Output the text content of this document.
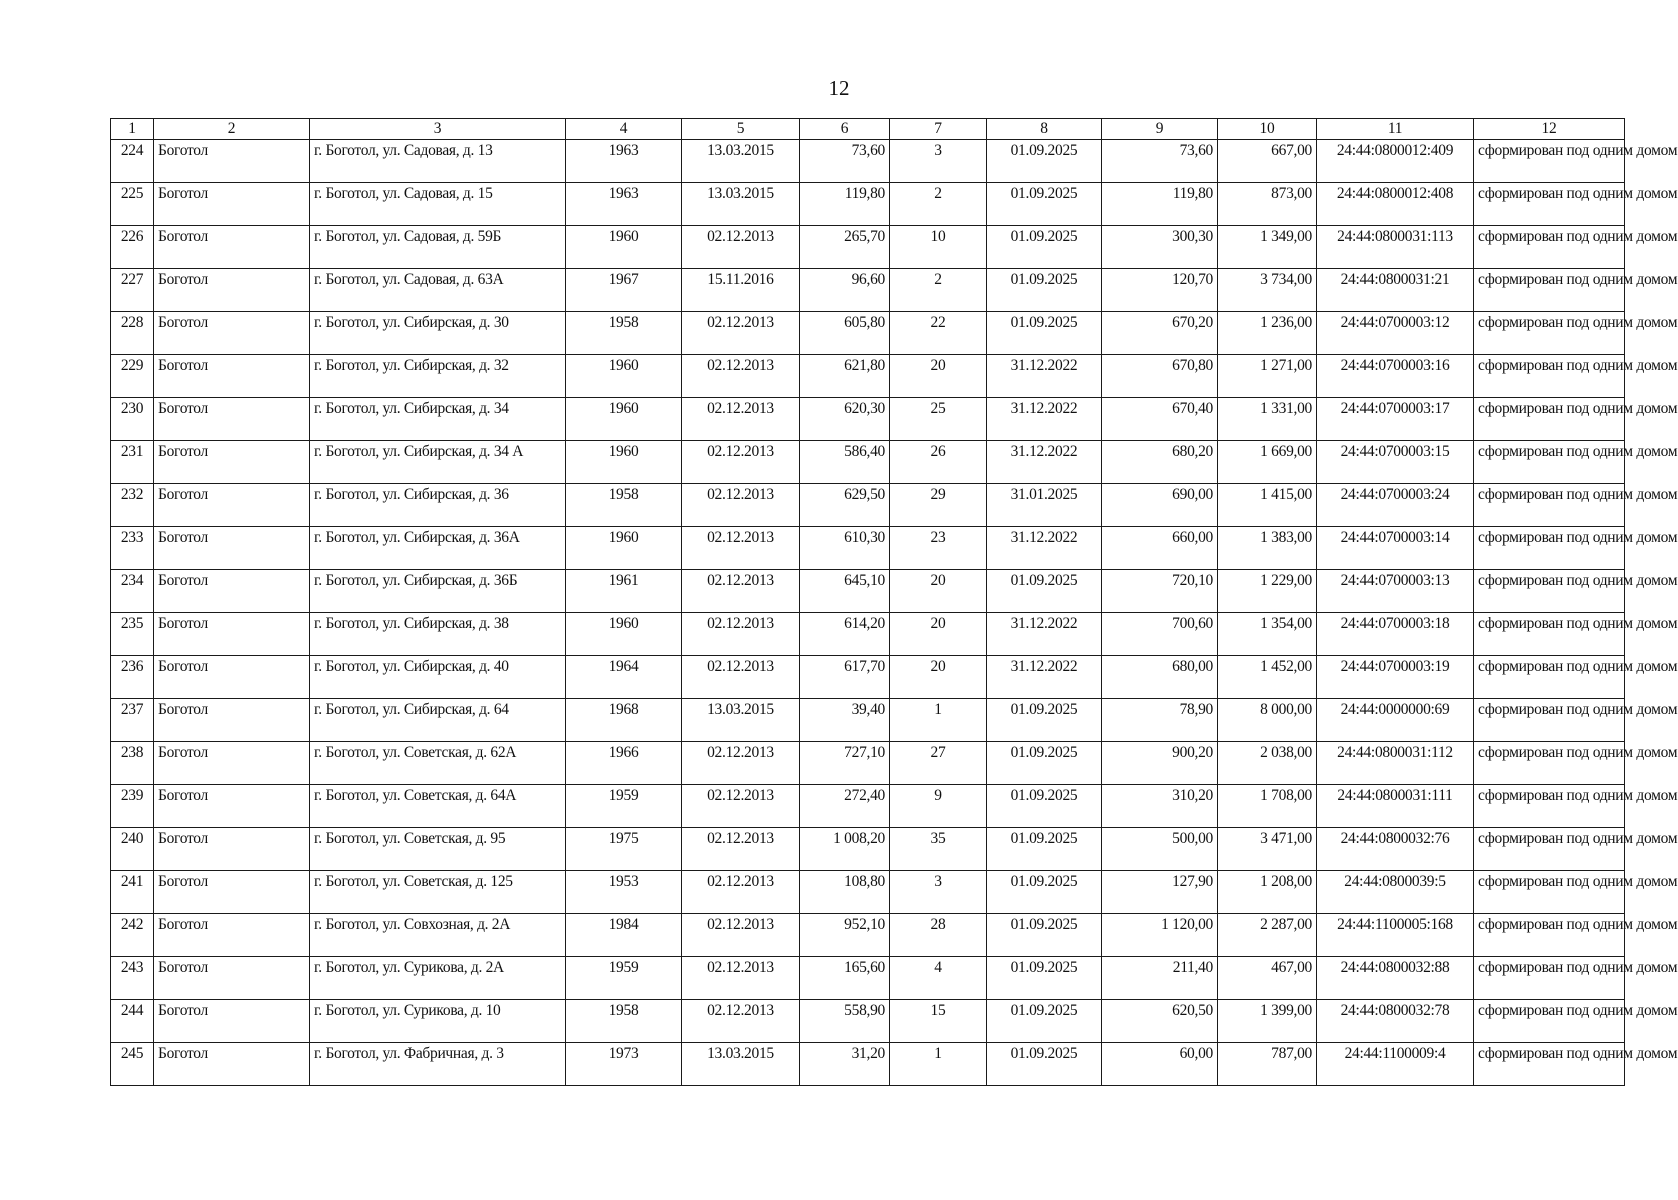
12
1	2	3	4	5	6	7	8	9	10	11	12
224	Боготол	г. Боготол, ул. Садовая, д. 13	1963	13.03.2015	73,60	3	01.09.2025	73,60	667,00	24:44:0800012:409	сформирован под одним домом
225	Боготол	г. Боготол, ул. Садовая, д. 15	1963	13.03.2015	119,80	2	01.09.2025	119,80	873,00	24:44:0800012:408	сформирован под одним домом
226	Боготол	г. Боготол, ул. Садовая, д. 59Б	1960	02.12.2013	265,70	10	01.09.2025	300,30	1 349,00	24:44:0800031:113	сформирован под одним домом
227	Боготол	г. Боготол, ул. Садовая, д. 63А	1967	15.11.2016	96,60	2	01.09.2025	120,70	3 734,00	24:44:0800031:21	сформирован под одним домом
228	Боготол	г. Боготол, ул. Сибирская, д. 30	1958	02.12.2013	605,80	22	01.09.2025	670,20	1 236,00	24:44:0700003:12	сформирован под одним домом
229	Боготол	г. Боготол, ул. Сибирская, д. 32	1960	02.12.2013	621,80	20	31.12.2022	670,80	1 271,00	24:44:0700003:16	сформирован под одним домом
230	Боготол	г. Боготол, ул. Сибирская, д. 34	1960	02.12.2013	620,30	25	31.12.2022	670,40	1 331,00	24:44:0700003:17	сформирован под одним домом
231	Боготол	г. Боготол, ул. Сибирская, д. 34 А	1960	02.12.2013	586,40	26	31.12.2022	680,20	1 669,00	24:44:0700003:15	сформирован под одним домом
232	Боготол	г. Боготол, ул. Сибирская, д. 36	1958	02.12.2013	629,50	29	31.01.2025	690,00	1 415,00	24:44:0700003:24	сформирован под одним домом
233	Боготол	г. Боготол, ул. Сибирская, д. 36А	1960	02.12.2013	610,30	23	31.12.2022	660,00	1 383,00	24:44:0700003:14	сформирован под одним домом
234	Боготол	г. Боготол, ул. Сибирская, д. 36Б	1961	02.12.2013	645,10	20	01.09.2025	720,10	1 229,00	24:44:0700003:13	сформирован под одним домом
235	Боготол	г. Боготол, ул. Сибирская, д. 38	1960	02.12.2013	614,20	20	31.12.2022	700,60	1 354,00	24:44:0700003:18	сформирован под одним домом
236	Боготол	г. Боготол, ул. Сибирская, д. 40	1964	02.12.2013	617,70	20	31.12.2022	680,00	1 452,00	24:44:0700003:19	сформирован под одним домом
237	Боготол	г. Боготол, ул. Сибирская, д. 64	1968	13.03.2015	39,40	1	01.09.2025	78,90	8 000,00	24:44:0000000:69	сформирован под одним домом
238	Боготол	г. Боготол, ул. Советская, д. 62А	1966	02.12.2013	727,10	27	01.09.2025	900,20	2 038,00	24:44:0800031:112	сформирован под одним домом
239	Боготол	г. Боготол, ул. Советская, д. 64А	1959	02.12.2013	272,40	9	01.09.2025	310,20	1 708,00	24:44:0800031:111	сформирован под одним домом
240	Боготол	г. Боготол, ул. Советская, д. 95	1975	02.12.2013	1 008,20	35	01.09.2025	500,00	3 471,00	24:44:0800032:76	сформирован под одним домом
241	Боготол	г. Боготол, ул. Советская, д. 125	1953	02.12.2013	108,80	3	01.09.2025	127,90	1 208,00	24:44:0800039:5	сформирован под одним домом
242	Боготол	г. Боготол, ул. Совхозная, д. 2А	1984	02.12.2013	952,10	28	01.09.2025	1 120,00	2 287,00	24:44:1100005:168	сформирован под одним домом
243	Боготол	г. Боготол, ул. Сурикова, д. 2А	1959	02.12.2013	165,60	4	01.09.2025	211,40	467,00	24:44:0800032:88	сформирован под одним домом
244	Боготол	г. Боготол, ул. Сурикова, д. 10	1958	02.12.2013	558,90	15	01.09.2025	620,50	1 399,00	24:44:0800032:78	сформирован под одним домом
245	Боготол	г. Боготол, ул. Фабричная, д. 3	1973	13.03.2015	31,20	1	01.09.2025	60,00	787,00	24:44:1100009:4	сформирован под одним домом
